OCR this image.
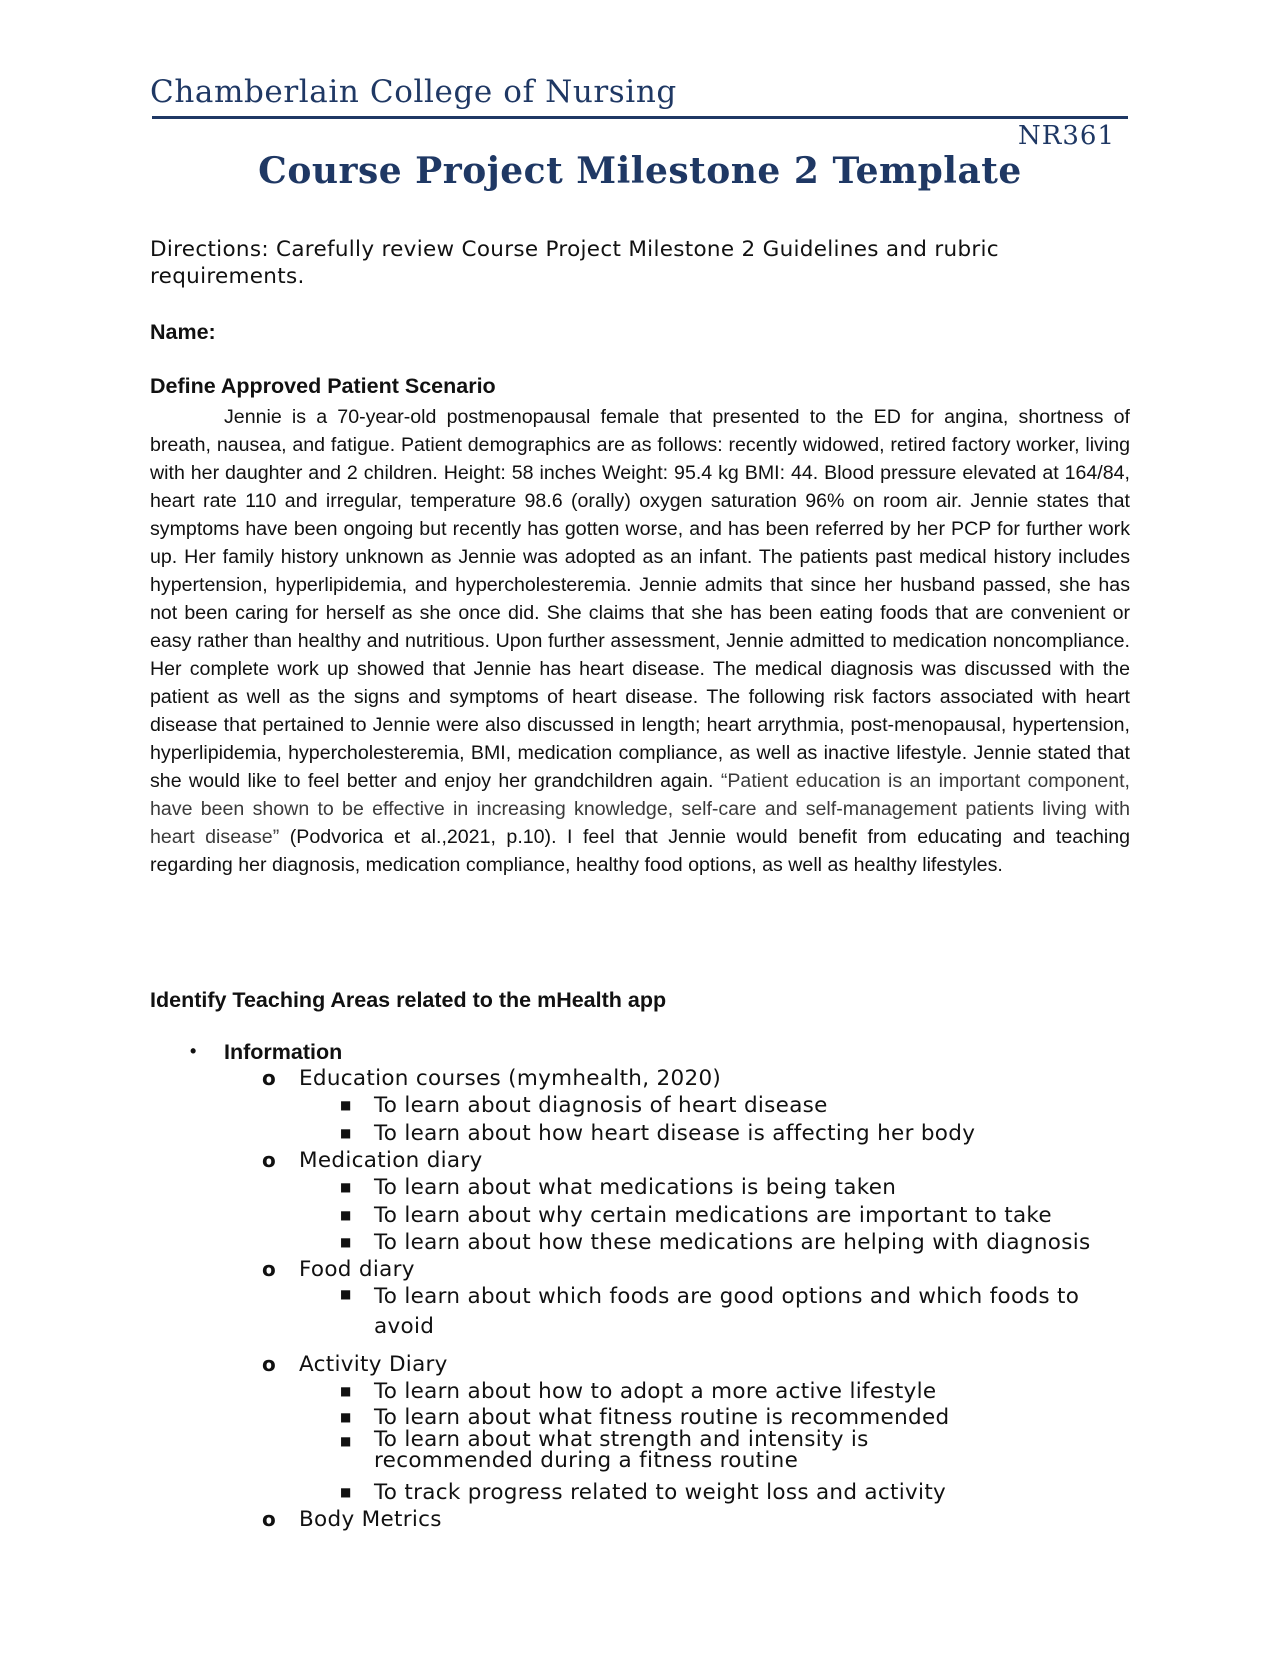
Chamberlain College of Nursing
NR361
Course Project Milestone 2 Template

Directions: Carefully review Course Project Milestone 2 Guidelines and rubric requirements.

Name:

Define Approved Patient Scenario

Jennie is a 70-year-old postmenopausal female that presented to the ED for angina, shortness of breath, nausea, and fatigue. Patient demographics are as follows: recently widowed, retired factory worker, living with her daughter and 2 children. Height: 58 inches Weight: 95.4 kg BMI: 44. Blood pressure elevated at 164/84, heart rate 110 and irregular, temperature 98.6 (orally) oxygen saturation 96% on room air. Jennie states that symptoms have been ongoing but recently has gotten worse, and has been referred by her PCP for further work up. Her family history unknown as Jennie was adopted as an infant. The patients past medical history includes hypertension, hyperlipidemia, and hypercholesteremia. Jennie admits that since her husband passed, she has not been caring for herself as she once did. She claims that she has been eating foods that are convenient or easy rather than healthy and nutritious. Upon further assessment, Jennie admitted to medication noncompliance. Her complete work up showed that Jennie has heart disease. The medical diagnosis was discussed with the patient as well as the signs and symptoms of heart disease. The following risk factors associated with heart disease that pertained to Jennie were also discussed in length; heart arrythmia, post-menopausal, hypertension, hyperlipidemia, hypercholesteremia, BMI, medication compliance, as well as inactive lifestyle. Jennie stated that she would like to feel better and enjoy her grandchildren again. “Patient education is an important component, have been shown to be effective in increasing knowledge, self-care and self-management patients living with heart disease” (Podvorica et al.,2021, p.10). I feel that Jennie would benefit from educating and teaching regarding her diagnosis, medication compliance, healthy food options, as well as healthy lifestyles.

Identify Teaching Areas related to the mHealth app
• Information
o Education courses (mymhealth, 2020)
■ To learn about diagnosis of heart disease
■ To learn about how heart disease is affecting her body
o Medication diary
■ To learn about what medications is being taken
■ To learn about why certain medications are important to take
■ To learn about how these medications are helping with diagnosis
o Food diary
■ To learn about which foods are good options and which foods to avoid
o Activity Diary
■ To learn about how to adopt a more active lifestyle
■ To learn about what fitness routine is recommended
■ To learn about what strength and intensity is recommended during a fitness routine
■ To track progress related to weight loss and activity
o Body Metrics
